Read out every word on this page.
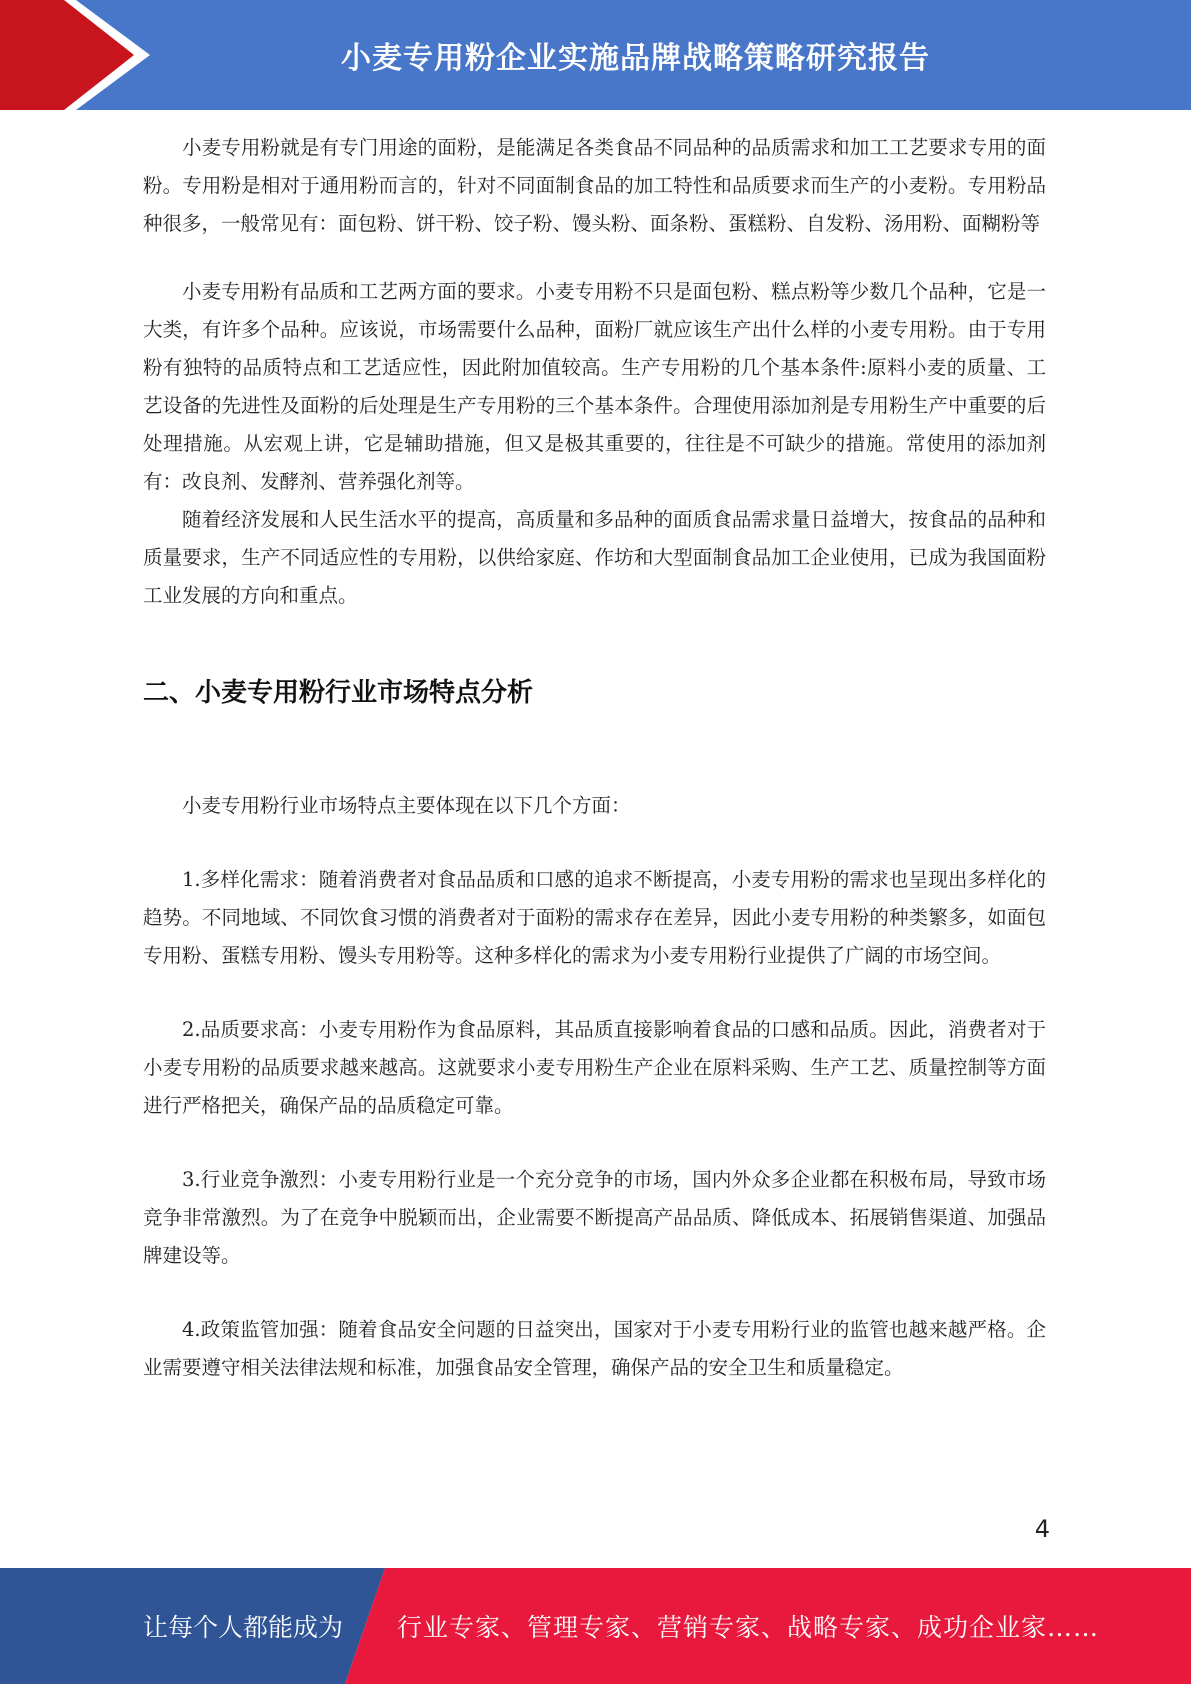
小麦专用粉企业实施品牌战略策略研究报告

小麦专用粉就是有专门用途的面粉，是能满足各类食品不同品种的品质需求和加工工艺要求专用的面粉。专用粉是相对于通用粉而言的，针对不同面制食品的加工特性和品质要求而生产的小麦粉。专用粉品种很多，一般常见有：面包粉、饼干粉、饺子粉、馒头粉、面条粉、蛋糕粉、自发粉、汤用粉、面糊粉等

小麦专用粉有品质和工艺两方面的要求。小麦专用粉不只是面包粉、糕点粉等少数几个品种，它是一大类，有许多个品种。应该说，市场需要什么品种，面粉厂就应该生产出什么样的小麦专用粉。由于专用粉有独特的品质特点和工艺适应性，因此附加值较高。生产专用粉的几个基本条件:原料小麦的质量、工艺设备的先进性及面粉的后处理是生产专用粉的三个基本条件。合理使用添加剂是专用粉生产中重要的后处理措施。从宏观上讲，它是辅助措施，但又是极其重要的，往往是不可缺少的措施。常使用的添加剂有：改良剂、发酵剂、营养强化剂等。

随着经济发展和人民生活水平的提高，高质量和多品种的面质食品需求量日益增大，按食品的品种和质量要求，生产不同适应性的专用粉，以供给家庭、作坊和大型面制食品加工企业使用，已成为我国面粉工业发展的方向和重点。

二、小麦专用粉行业市场特点分析

小麦专用粉行业市场特点主要体现在以下几个方面：

1.多样化需求：随着消费者对食品品质和口感的追求不断提高，小麦专用粉的需求也呈现出多样化的趋势。不同地域、不同饮食习惯的消费者对于面粉的需求存在差异，因此小麦专用粉的种类繁多，如面包专用粉、蛋糕专用粉、馒头专用粉等。这种多样化的需求为小麦专用粉行业提供了广阔的市场空间。

2.品质要求高：小麦专用粉作为食品原料，其品质直接影响着食品的口感和品质。因此，消费者对于小麦专用粉的品质要求越来越高。这就要求小麦专用粉生产企业在原料采购、生产工艺、质量控制等方面进行严格把关，确保产品的品质稳定可靠。

3.行业竞争激烈：小麦专用粉行业是一个充分竞争的市场，国内外众多企业都在积极布局，导致市场竞争非常激烈。为了在竞争中脱颖而出，企业需要不断提高产品品质、降低成本、拓展销售渠道、加强品牌建设等。

4.政策监管加强：随着食品安全问题的日益突出，国家对于小麦专用粉行业的监管也越来越严格。企业需要遵守相关法律法规和标准，加强食品安全管理，确保产品的安全卫生和质量稳定。

4
让每个人都能成为 行业专家、管理专家、营销专家、战略专家、成功企业家……
